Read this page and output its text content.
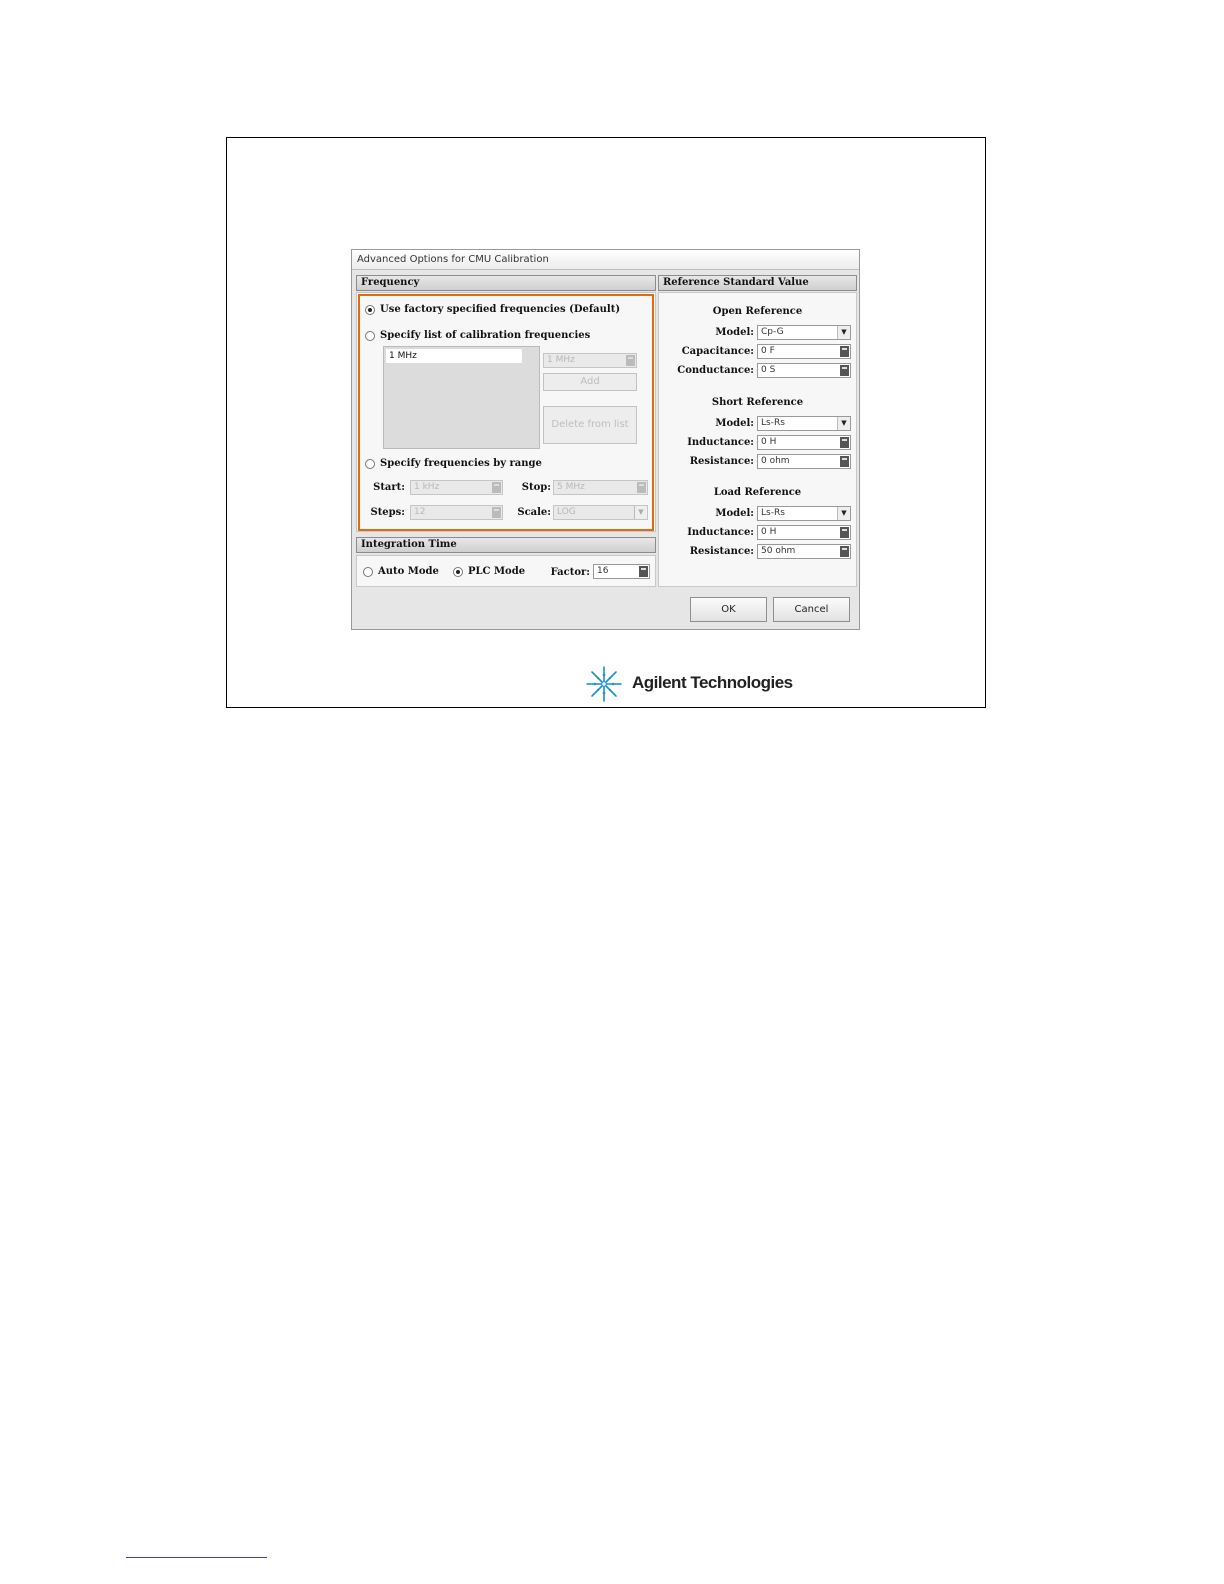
Advanced Options for CMU Calibration
Frequency
Use factory specified frequencies (Default)
Specify list of calibration frequencies
1 MHz	1 MHz
Add
Delete from list
Specify frequencies by range
Start:	1 kHz	Stop: 5 MHz
Steps:	12	Scale: LOG	▼
Integration Time
Auto Mode	PLC Mode	Factor: 16
Reference Standard Value
Open Reference
Model: Cp-G	▼
Capacitance: 0 F
Conductance: 0 S
Short Reference
Model: Ls-Rs	▼
Inductance: 0 H
Resistance: 0 ohm
Load Reference
Model: Ls-Rs	▼
Inductance: 0 H
Resistance: 50 ohm
OK	Cancel
Agilent Technologies
